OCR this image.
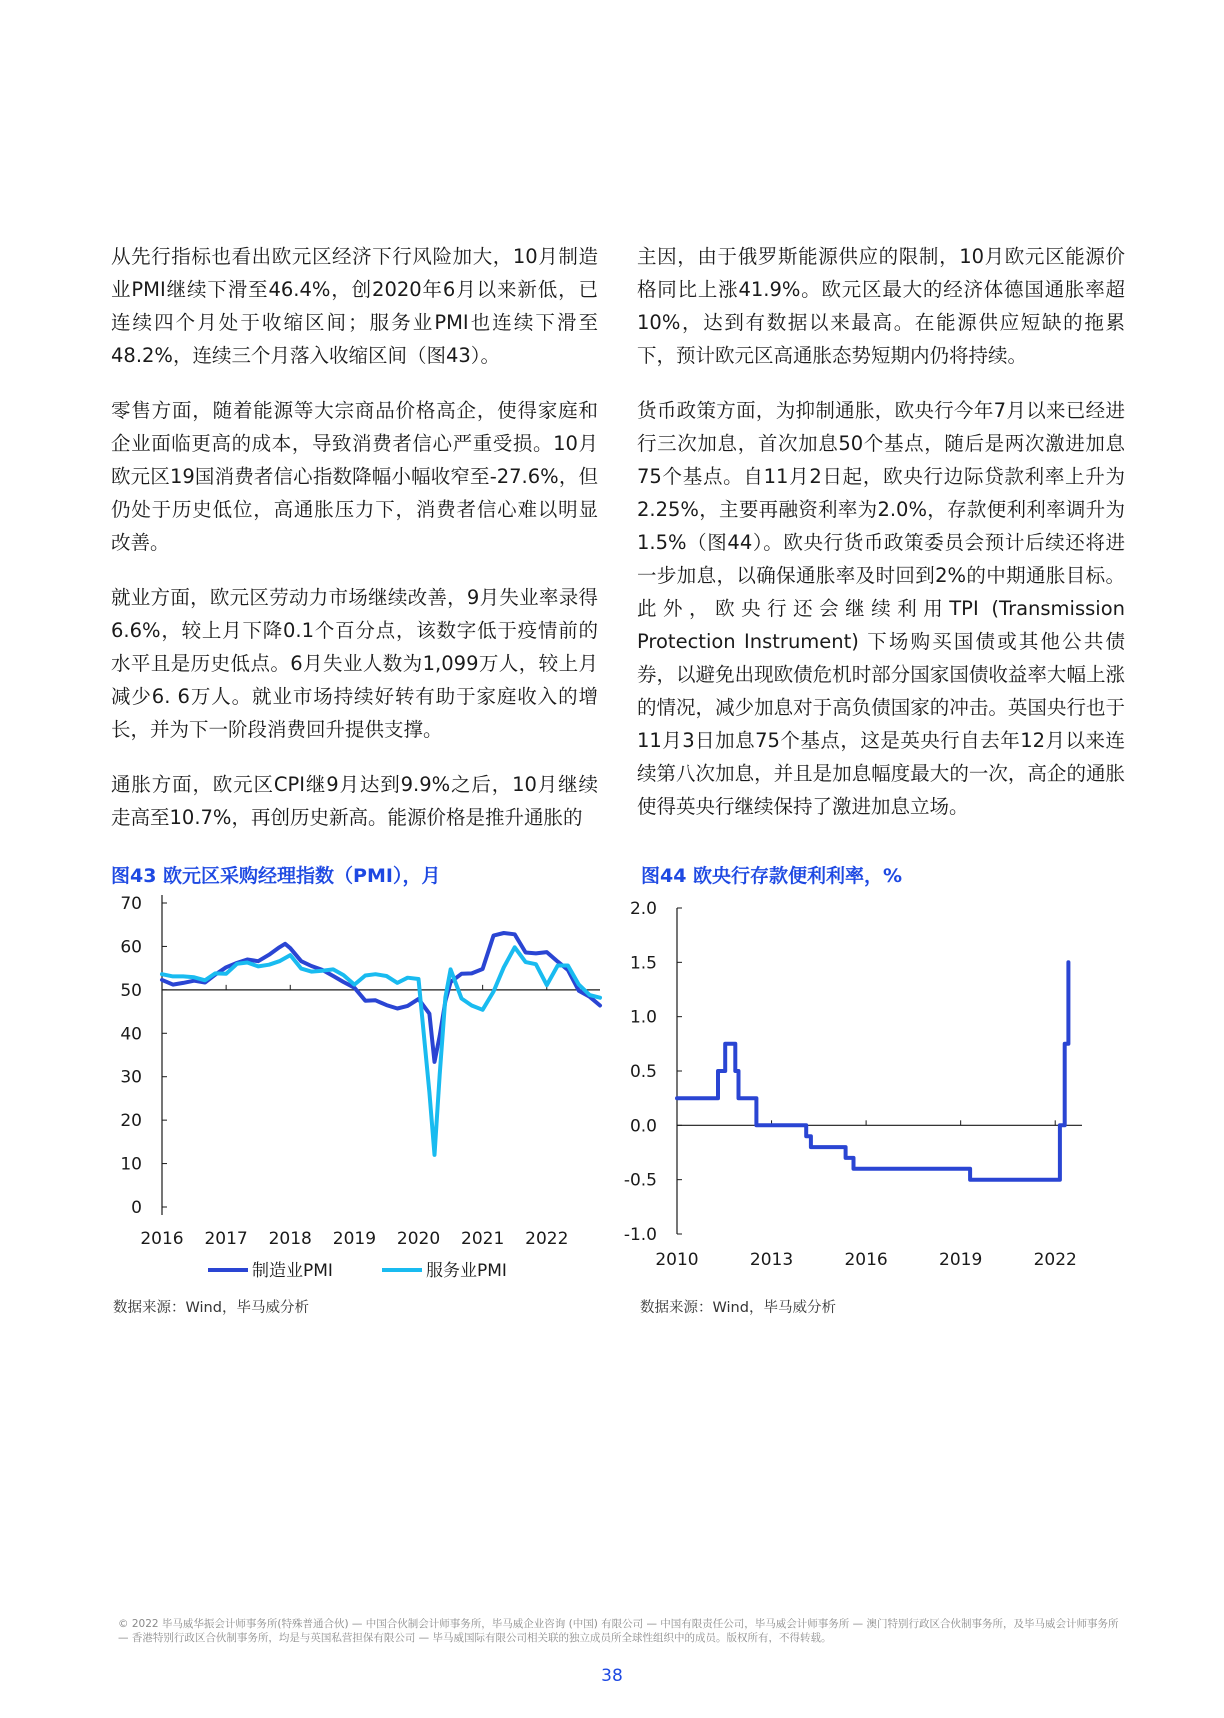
从先行指标也看出欧元区经济下行风险加大，10月制造业PMI继续下滑至46.4%，创2020年6月以来新低，已连续四个月处于收缩区间；服务业PMI也连续下滑至48.2%，连续三个月落入收缩区间（图43）。

零售方面，随着能源等大宗商品价格高企，使得家庭和企业面临更高的成本，导致消费者信心严重受损。10月欧元区19国消费者信心指数降幅小幅收窄至-27.6%，但仍处于历史低位，高通胀压力下，消费者信心难以明显改善。

就业方面，欧元区劳动力市场继续改善，9月失业率录得6.6%，较上月下降0.1个百分点，该数字低于疫情前的水平且是历史低点。6月失业人数为1,099万人，较上月减少6. 6万人。就业市场持续好转有助于家庭收入的增长，并为下一阶段消费回升提供支撑。

通胀方面，欧元区CPI继9月达到9.9%之后，10月继续走高至10.7%，再创历史新高。能源价格是推升通胀的

主因，由于俄罗斯能源供应的限制，10月欧元区能源价格同比上涨41.9%。欧元区最大的经济体德国通胀率超10%，达到有数据以来最高。在能源供应短缺的拖累下，预计欧元区高通胀态势短期内仍将持续。

货币政策方面，为抑制通胀，欧央行今年7月以来已经进行三次加息，首次加息50个基点，随后是两次激进加息75个基点。自11月2日起，欧央行边际贷款利率上升为2.25%，主要再融资利率为2.0%，存款便利利率调升为1.5%（图44）。欧央行货币政策委员会预计后续还将进一步加息，以确保通胀率及时回到2%的中期通胀目标。此外，欧央行还会继续利用TPI (Transmission Protection Instrument) 下场购买国债或其他公共债券，以避免出现欧债危机时部分国家国债收益率大幅上涨的情况，减少加息对于高负债国家的冲击。英国央行也于11月3日加息75个基点，这是英央行自去年12月以来连续第八次加息，并且是加息幅度最大的一次，高企的通胀使得英央行继续保持了激进加息立场。

图43 欧元区采购经理指数（PMI），月
70
60
50
40
30
20
10
0
2016 2017 2018 2019 2020 2021 2022
制造业PMI	服务业PMI
数据来源：Wind，毕马威分析
图44 欧央行存款便利利率，%
2.0
1.5
1.0
0.5
0.0
-0.5
-1.0
2010	2013	2016	2019	2022
数据来源：Wind，毕马威分析
© 2022 毕马威华振会计师事务所(特殊普通合伙) — 中国合伙制会计师事务所，毕马威企业咨询 (中国) 有限公司 — 中国有限责任公司，毕马威会计师事务所 — 澳门特别行政区合伙制事务所，及毕马威会计师事务所 — 香港特别行政区合伙制事务所，均是与英国私营担保有限公司 — 毕马威国际有限公司相关联的独立成员所全球性组织中的成员。版权所有，不得转载。
38
